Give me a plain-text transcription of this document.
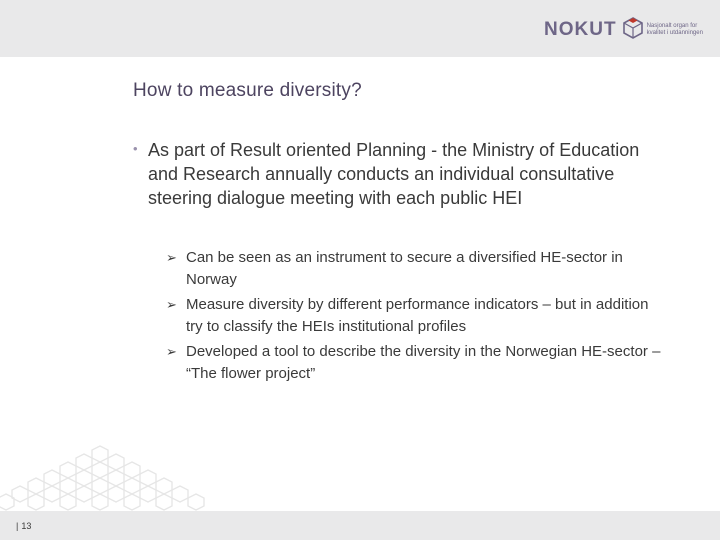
NOKUT	Nasjonalt organ for
kvalitet i utdanningen
How to measure diversity?
• As part of Result oriented Planning - the Ministry of Education and Research annually conducts an individual consultative steering dialogue meeting with each public HEI
➢ Can be seen as an instrument to secure a diversified HE-sector in Norway
➢ Measure diversity by different performance indicators – but in addition try to classify the HEIs institutional profiles
➢ Developed a tool to describe the diversity in the Norwegian HE-sector – “The flower project”
| 13
